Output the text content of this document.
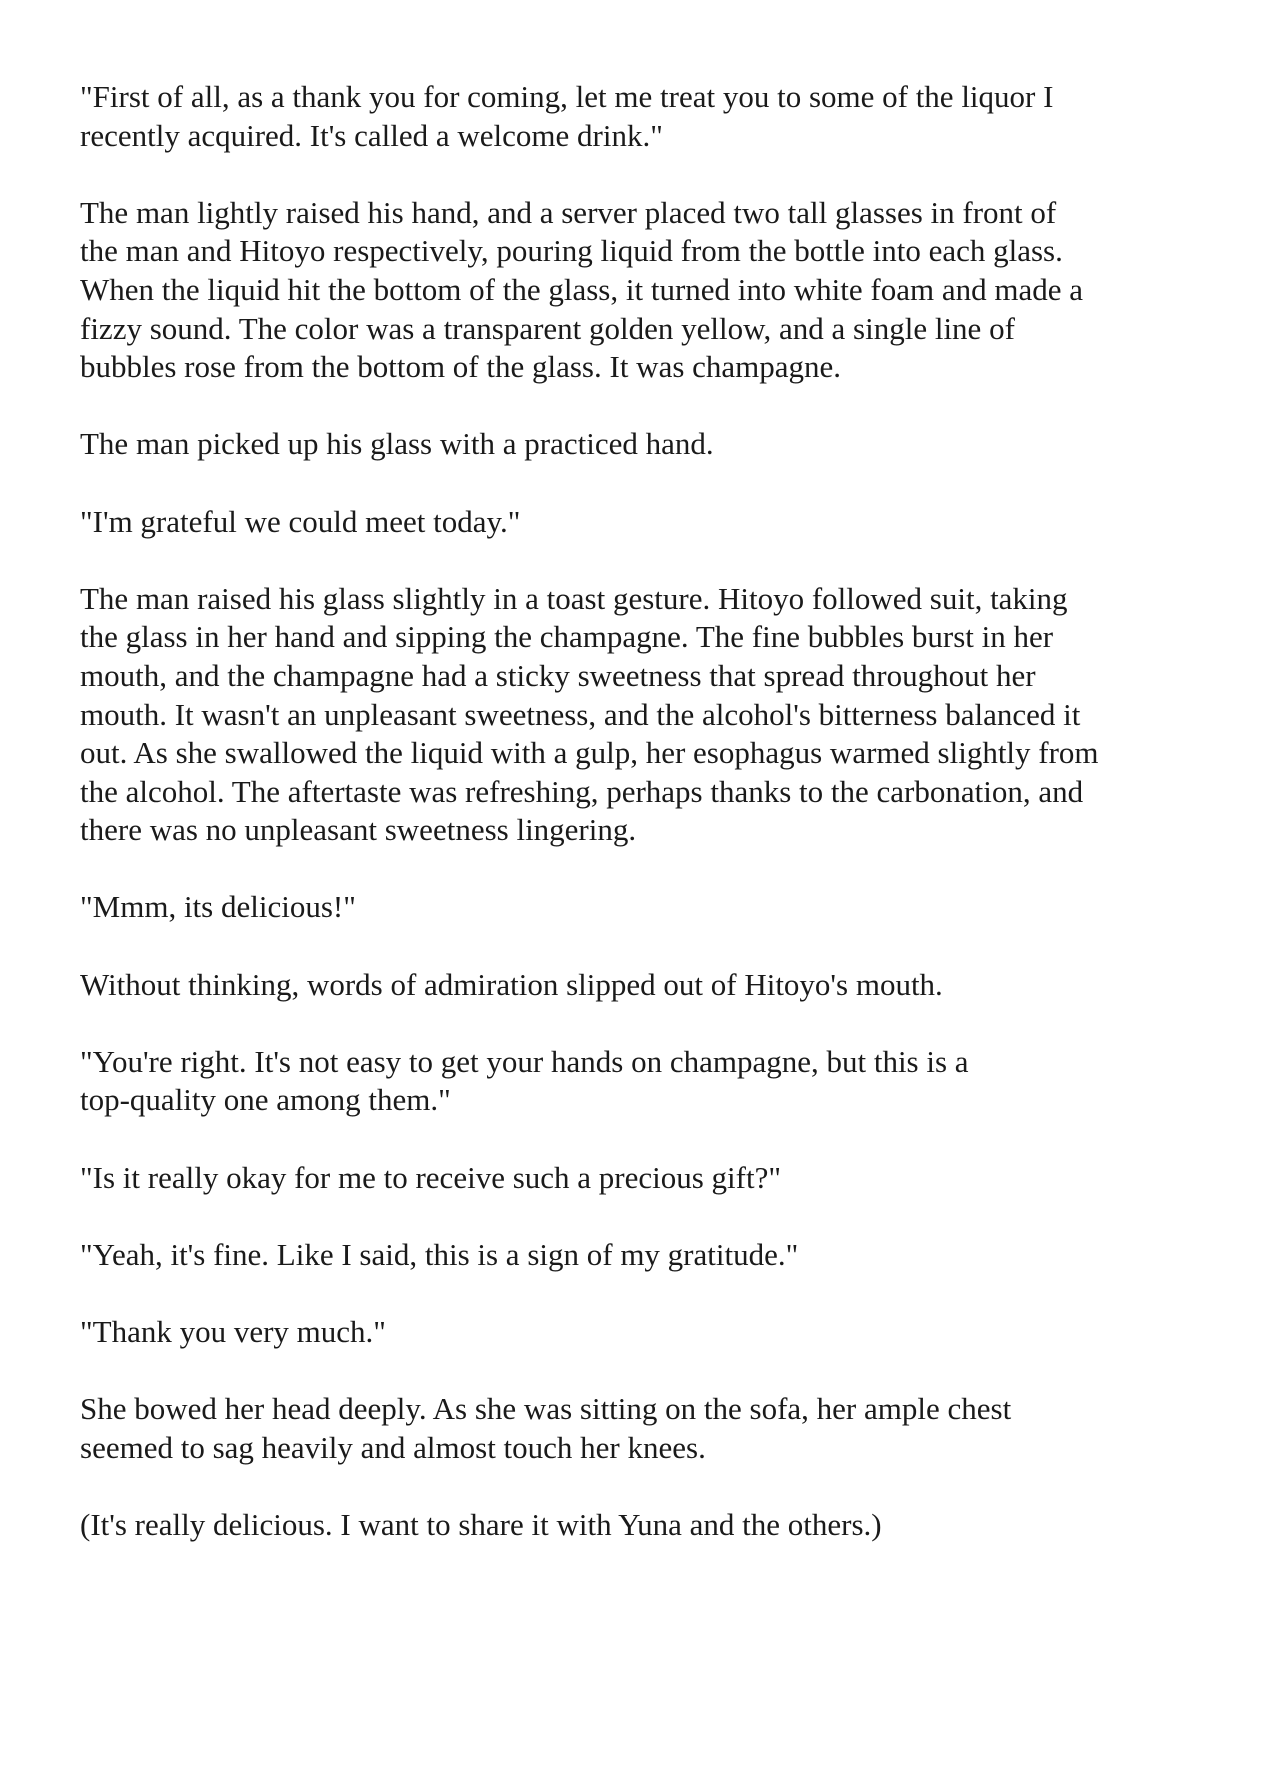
"First of all, as a thank you for coming, let me treat you to some of the liquor I
recently acquired. It's called a welcome drink."

The man lightly raised his hand, and a server placed two tall glasses in front of
the man and Hitoyo respectively, pouring liquid from the bottle into each glass.
When the liquid hit the bottom of the glass, it turned into white foam and made a
fizzy sound. The color was a transparent golden yellow, and a single line of
bubbles rose from the bottom of the glass. It was champagne.

The man picked up his glass with a practiced hand.

"I'm grateful we could meet today."

The man raised his glass slightly in a toast gesture. Hitoyo followed suit, taking
the glass in her hand and sipping the champagne. The fine bubbles burst in her
mouth, and the champagne had a sticky sweetness that spread throughout her
mouth. It wasn't an unpleasant sweetness, and the alcohol's bitterness balanced it
out. As she swallowed the liquid with a gulp, her esophagus warmed slightly from
the alcohol. The aftertaste was refreshing, perhaps thanks to the carbonation, and
there was no unpleasant sweetness lingering.

"Mmm, its delicious!"

Without thinking, words of admiration slipped out of Hitoyo's mouth.

"You're right. It's not easy to get your hands on champagne, but this is a
top-quality one among them."

"Is it really okay for me to receive such a precious gift?"

"Yeah, it's fine. Like I said, this is a sign of my gratitude."

"Thank you very much."

She bowed her head deeply. As she was sitting on the sofa, her ample chest
seemed to sag heavily and almost touch her knees.

(It's really delicious. I want to share it with Yuna and the others.)
